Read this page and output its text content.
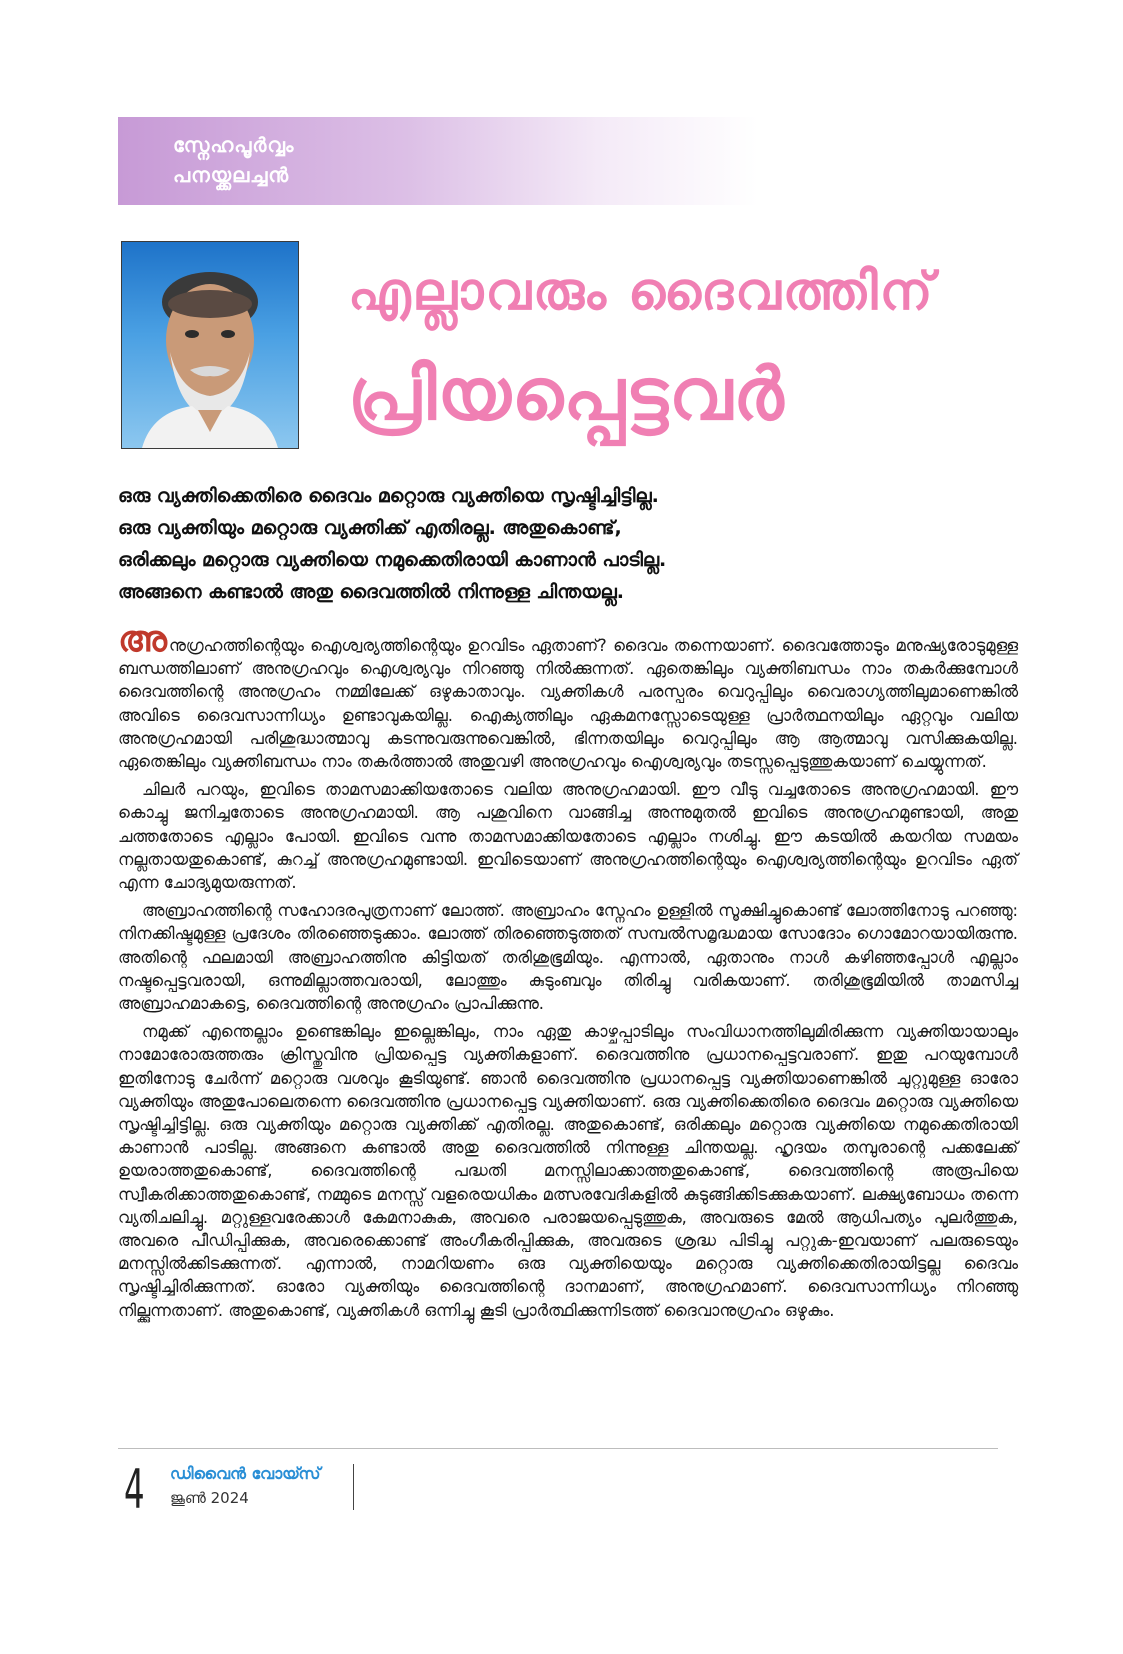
സ്നേഹപൂർവ്വം
പനയ്ക്കലച്ചൻ
എല്ലാവരും ദൈവത്തിന്
പ്രിയപ്പെട്ടവർ
ഒരു വ്യക്തിക്കെതിരെ ദൈവം മറ്റൊരു വ്യക്തിയെ സൃഷ്ടിച്ചിട്ടില്ല.
ഒരു വ്യക്തിയും മറ്റൊരു വ്യക്തിക്ക് എതിരല്ല. അതുകൊണ്ട്,
ഒരിക്കലും മറ്റൊരു വ്യക്തിയെ നമുക്കെതിരായി കാണാൻ പാടില്ല.
അങ്ങനെ കണ്ടാൽ അതു ദൈവത്തിൽ നിന്നുള്ള ചിന്തയല്ല.

അനുഗ്രഹത്തിന്റെയും ഐശ്വര്യത്തിന്റെയും ഉറവിടം ഏതാണ്? ദൈവം തന്നെയാണ്. ദൈവത്തോടും മനുഷ്യരോടുമുള്ള ബന്ധത്തിലാണ് അനുഗ്രഹവും ഐശ്വര്യവും നിറഞ്ഞു നിൽക്കുന്നത്. ഏതെങ്കിലും വ്യക്തിബന്ധം നാം തകർക്കുമ്പോൾ ദൈവത്തിന്റെ അനുഗ്രഹം നമ്മിലേക്ക് ഒഴുകാതാവും. വ്യക്തികൾ പരസ്പരം വെറുപ്പിലും വൈരാഗ്യത്തിലുമാണെങ്കിൽ അവിടെ ദൈവസാന്നിധ്യം ഉണ്ടാവുകയില്ല. ഐക്യത്തിലും ഏകമനസ്സോടെയുള്ള പ്രാർത്ഥനയിലും ഏറ്റവും വലിയ അനുഗ്രഹമായി പരിശുദ്ധാത്മാവു കടന്നുവരുന്നുവെങ്കിൽ, ഭിന്നതയിലും വെറുപ്പിലും ആ ആത്മാവു വസിക്കുകയില്ല. ഏതെങ്കിലും വ്യക്തിബന്ധം നാം തകർത്താൽ അതുവഴി അനുഗ്രഹവും ഐശ്വര്യവും തടസ്സപ്പെടുത്തുകയാണ് ചെയ്യുന്നത്.

ചിലർ പറയും, ഇവിടെ താമസമാക്കിയതോടെ വലിയ അനുഗ്രഹമായി. ഈ വീടു വച്ചതോടെ അനുഗ്രഹമായി. ഈ കൊച്ചു ജനിച്ചതോടെ അനുഗ്രഹമായി. ആ പശുവിനെ വാങ്ങിച്ച അന്നുമുതൽ ഇവിടെ അനുഗ്രഹമുണ്ടായി, അതു ചത്തതോടെ എല്ലാം പോയി. ഇവിടെ വന്നു താമസമാക്കിയതോടെ എല്ലാം നശിച്ചു. ഈ കടയിൽ കയറിയ സമയം നല്ലതായതുകൊണ്ട്, കുറച്ച് അനുഗ്രഹമുണ്ടായി. ഇവിടെയാണ് അനുഗ്രഹത്തിന്റെയും ഐശ്വര്യത്തിന്റെയും ഉറവിടം ഏത് എന്ന ചോദ്യമുയരുന്നത്.

അബ്രാഹത്തിന്റെ സഹോദരപുത്രനാണ് ലോത്ത്. അബ്രാഹം സ്നേഹം ഉള്ളിൽ സൂക്ഷിച്ചുകൊണ്ട് ലോത്തിനോടു പറഞ്ഞു: നിനക്കിഷ്ടമുള്ള പ്രദേശം തിരഞ്ഞെടുക്കാം. ലോത്ത് തിരഞ്ഞെടുത്തത് സമ്പൽസമൃദ്ധമായ സോദോം ഗൊമോറയായിരുന്നു. അതിന്റെ ഫലമായി അബ്രാഹത്തിനു കിട്ടിയത് തരിശുഭൂമിയും. എന്നാൽ, ഏതാനും നാൾ കഴിഞ്ഞപ്പോൾ എല്ലാം നഷ്ടപ്പെട്ടവരായി, ഒന്നുമില്ലാത്തവരായി, ലോത്തും കുടുംബവും തിരിച്ചു വരികയാണ്. തരിശുഭൂമിയിൽ താമസിച്ച അബ്രാഹമാകട്ടെ, ദൈവത്തിന്റെ അനുഗ്രഹം പ്രാപിക്കുന്നു.

നമുക്ക് എന്തെല്ലാം ഉണ്ടെങ്കിലും ഇല്ലെങ്കിലും, നാം ഏതു കാഴ്ചപ്പാടിലും സംവിധാനത്തിലുമിരിക്കുന്ന വ്യക്തിയായാലും നാമോരോരുത്തരും ക്രിസ്തുവിനു പ്രിയപ്പെട്ട വ്യക്തികളാണ്. ദൈവത്തിനു പ്രധാനപ്പെട്ടവരാണ്. ഇതു പറയുമ്പോൾ ഇതിനോടു ചേർന്ന് മറ്റൊരു വശവും കൂടിയുണ്ട്. ഞാൻ ദൈവത്തിനു പ്രധാനപ്പെട്ട വ്യക്തിയാണെങ്കിൽ ചുറ്റുമുള്ള ഓരോ വ്യക്തിയും അതുപോലെതന്നെ ദൈവത്തിനു പ്രധാനപ്പെട്ട വ്യക്തിയാണ്. ഒരു വ്യക്തിക്കെതിരെ ദൈവം മറ്റൊരു വ്യക്തിയെ സൃഷ്ടിച്ചിട്ടില്ല. ഒരു വ്യക്തിയും മറ്റൊരു വ്യക്തിക്ക് എതിരല്ല. അതുകൊണ്ട്, ഒരിക്കലും മറ്റൊരു വ്യക്തിയെ നമുക്കെതിരായി കാണാൻ പാടില്ല. അങ്ങനെ കണ്ടാൽ അതു ദൈവത്തിൽ നിന്നുള്ള ചിന്തയല്ല. ഹൃദയം തമ്പുരാന്റെ പക്കലേക്ക് ഉയരാത്തതുകൊണ്ട്, ദൈവത്തിന്റെ പദ്ധതി മനസ്സിലാക്കാത്തതുകൊണ്ട്, ദൈവത്തിന്റെ അരൂപിയെ സ്വീകരിക്കാത്തതുകൊണ്ട്, നമ്മുടെ മനസ്സ് വളരെയധികം മത്സരവേദികളിൽ കുടുങ്ങിക്കിടക്കുകയാണ്. ലക്ഷ്യബോധം തന്നെ വ്യതിചലിച്ചു. മറ്റുള്ളവരേക്കാൾ കേമനാകുക, അവരെ പരാജയപ്പെടുത്തുക, അവരുടെ മേൽ ആധിപത്യം പുലർത്തുക, അവരെ പീഡിപ്പിക്കുക, അവരെക്കൊണ്ട് അംഗീകരിപ്പിക്കുക, അവരുടെ ശ്രദ്ധ പിടിച്ചു പറ്റുക-ഇവയാണ് പലരുടെയും മനസ്സിൽക്കിടക്കുന്നത്. എന്നാൽ, നാമറിയണം ഒരു വ്യക്തിയെയും മറ്റൊരു വ്യക്തിക്കെതിരായിട്ടല്ല ദൈവം സൃഷ്ടിച്ചിരിക്കുന്നത്. ഓരോ വ്യക്തിയും ദൈവത്തിന്റെ ദാനമാണ്, അനുഗ്രഹമാണ്. ദൈവസാന്നിധ്യം നിറഞ്ഞു നില്ക്കുന്നതാണ്. അതുകൊണ്ട്, വ്യക്തികൾ ഒന്നിച്ചു കൂടി പ്രാർത്ഥിക്കുന്നിടത്ത് ദൈവാനുഗ്രഹം ഒഴുകും.

4 ഡിവൈൻ വോയ്സ്
ജൂൺ 2024
